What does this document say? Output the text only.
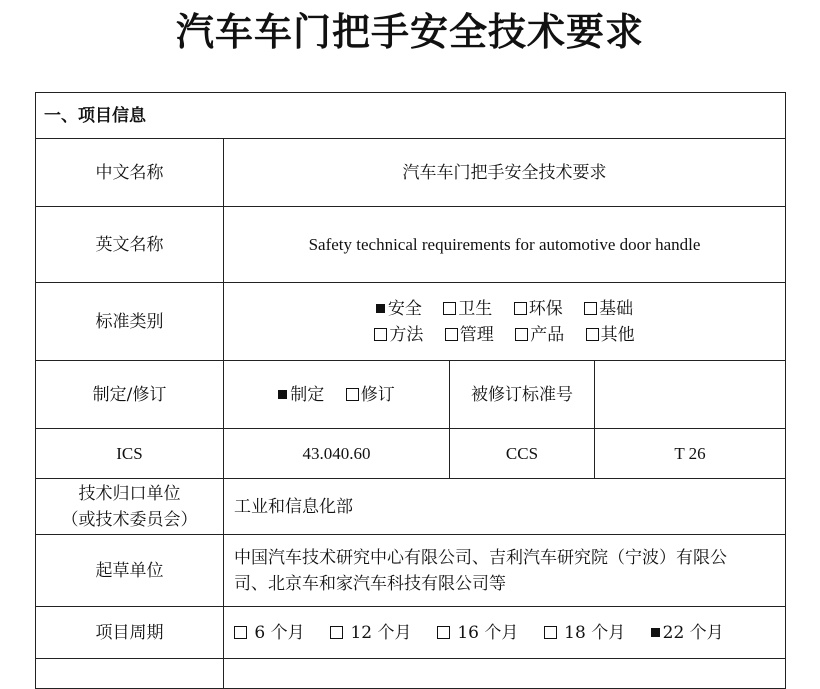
汽车车门把手安全技术要求
一、项目信息			
中文名称	汽车车门把手安全技术要求		
英文名称	Safety technical requirements for automotive door handle		
标准类别	安全 卫生 环保 基础
方法 管理 产品 其他		

制定/修订	制定 修订	被修订标准号	
ICS	43.040.60	CCS	T 26

技术归口单位
（或技术委员会）	工业和信息化部		
起草单位	中国汽车技术研究中心有限公司、吉利汽车研究院（宁波）有限公
司、北京车和家汽车科技有限公司等		

项目周期	6 个月 12 个月 16 个月 18 个月 22 个月		
